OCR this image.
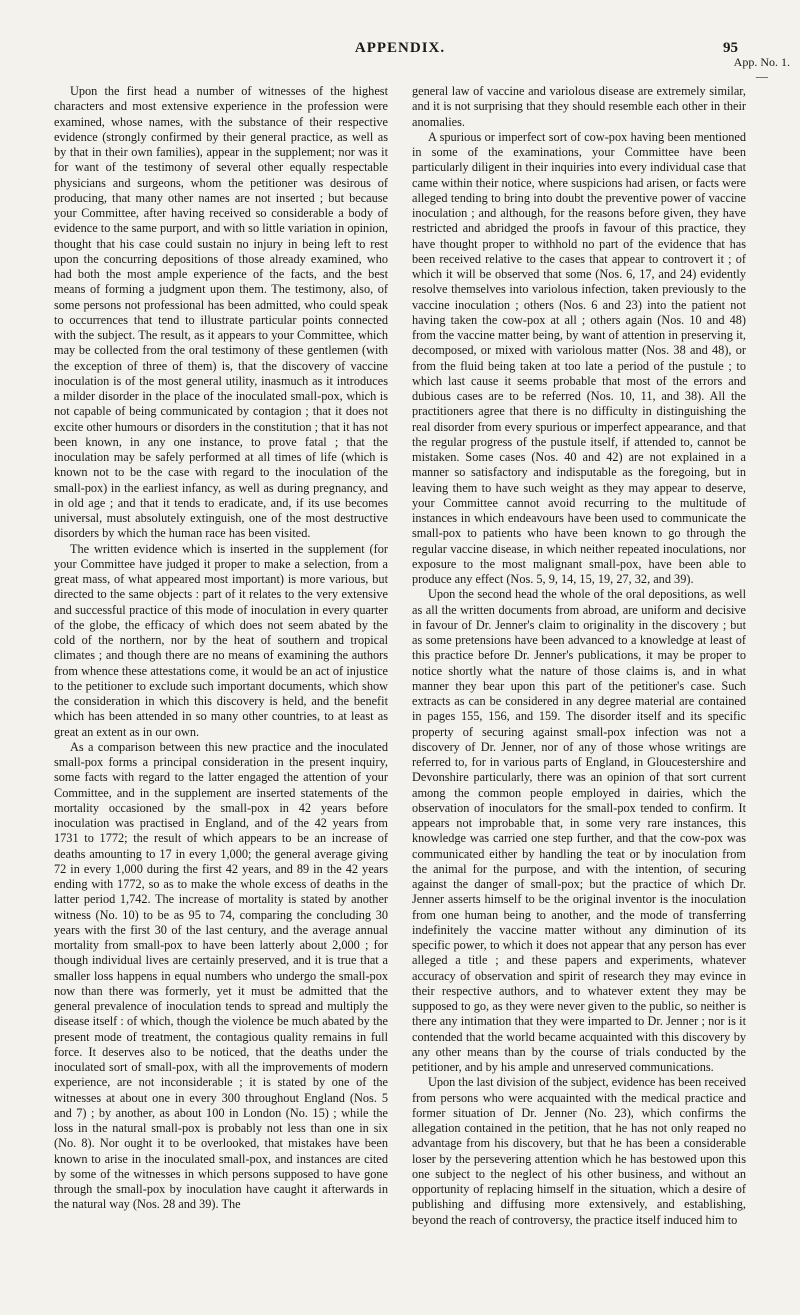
APPENDIX.	95
App. No. 1.
—

Upon the first head a number of witnesses of the highest characters and most extensive experience in the profession were examined, whose names, with the substance of their respective evidence (strongly confirmed by their general practice, as well as by that in their own families), appear in the supplement; nor was it for want of the testimony of several other equally respectable physicians and surgeons, whom the petitioner was desirous of producing, that many other names are not inserted ; but because your Committee, after having received so considerable a body of evidence to the same purport, and with so little variation in opinion, thought that his case could sustain no injury in being left to rest upon the concurring depositions of those already examined, who had both the most ample experience of the facts, and the best means of forming a judgment upon them. The testimony, also, of some persons not professional has been admitted, who could speak to occurrences that tend to illustrate particular points connected with the subject. The result, as it appears to your Committee, which may be collected from the oral testimony of these gentlemen (with the exception of three of them) is, that the discovery of vaccine inoculation is of the most general utility, inasmuch as it introduces a milder disorder in the place of the inoculated small-pox, which is not capable of being communicated by contagion ; that it does not excite other humours or disorders in the constitution ; that it has not been known, in any one instance, to prove fatal ; that the inoculation may be safely performed at all times of life (which is known not to be the case with regard to the inoculation of the small-pox) in the earliest infancy, as well as during pregnancy, and in old age ; and that it tends to eradicate, and, if its use becomes universal, must absolutely extinguish, one of the most destructive disorders by which the human race has been visited.

The written evidence which is inserted in the supplement (for your Committee have judged it proper to make a selection, from a great mass, of what appeared most important) is more various, but directed to the same objects : part of it relates to the very extensive and successful practice of this mode of inoculation in every quarter of the globe, the efficacy of which does not seem abated by the cold of the northern, nor by the heat of southern and tropical climates ; and though there are no means of examining the authors from whence these attestations come, it would be an act of injustice to the petitioner to exclude such important documents, which show the consideration in which this discovery is held, and the benefit which has been attended in so many other countries, to at least as great an extent as in our own.

As a comparison between this new practice and the inoculated small-pox forms a principal consideration in the present inquiry, some facts with regard to the latter engaged the attention of your Committee, and in the supplement are inserted statements of the mortality occasioned by the small-pox in 42 years before inoculation was practised in England, and of the 42 years from 1731 to 1772; the result of which appears to be an increase of deaths amounting to 17 in every 1,000; the general average giving 72 in every 1,000 during the first 42 years, and 89 in the 42 years ending with 1772, so as to make the whole excess of deaths in the latter period 1,742. The increase of mortality is stated by another witness (No. 10) to be as 95 to 74, comparing the concluding 30 years with the first 30 of the last century, and the average annual mortality from small-pox to have been latterly about 2,000 ; for though individual lives are certainly preserved, and it is true that a smaller loss happens in equal numbers who undergo the small-pox now than there was formerly, yet it must be admitted that the general prevalence of inoculation tends to spread and multiply the disease itself : of which, though the violence be much abated by the present mode of treatment, the contagious quality remains in full force. It deserves also to be noticed, that the deaths under the inoculated sort of small-pox, with all the improvements of modern experience, are not inconsiderable ; it is stated by one of the witnesses at about one in every 300 throughout England (Nos. 5 and 7) ; by another, as about 100 in London (No. 15) ; while the loss in the natural small-pox is probably not less than one in six (No. 8). Nor ought it to be overlooked, that mistakes have been known to arise in the inoculated small-pox, and instances are cited by some of the witnesses in which persons supposed to have gone through the small-pox by inoculation have caught it afterwards in the natural way (Nos. 28 and 39). The

general law of vaccine and variolous disease are extremely similar, and it is not surprising that they should resemble each other in their anomalies.

A spurious or imperfect sort of cow-pox having been mentioned in some of the examinations, your Committee have been particularly diligent in their inquiries into every individual case that came within their notice, where suspicions had arisen, or facts were alleged tending to bring into doubt the preventive power of vaccine inoculation ; and although, for the reasons before given, they have restricted and abridged the proofs in favour of this practice, they have thought proper to withhold no part of the evidence that has been received relative to the cases that appear to controvert it ; of which it will be observed that some (Nos. 6, 17, and 24) evidently resolve themselves into variolous infection, taken previously to the vaccine inoculation ; others (Nos. 6 and 23) into the patient not having taken the cow-pox at all ; others again (Nos. 10 and 48) from the vaccine matter being, by want of attention in preserving it, decomposed, or mixed with variolous matter (Nos. 38 and 48), or from the fluid being taken at too late a period of the pustule ; to which last cause it seems probable that most of the errors and dubious cases are to be referred (Nos. 10, 11, and 38). All the practitioners agree that there is no difficulty in distinguishing the real disorder from every spurious or imperfect appearance, and that the regular progress of the pustule itself, if attended to, cannot be mistaken. Some cases (Nos. 40 and 42) are not explained in a manner so satisfactory and indisputable as the foregoing, but in leaving them to have such weight as they may appear to deserve, your Committee cannot avoid recurring to the multitude of instances in which endeavours have been used to communicate the small-pox to patients who have been known to go through the regular vaccine disease, in which neither repeated inoculations, nor exposure to the most malignant small-pox, have been able to produce any effect (Nos. 5, 9, 14, 15, 19, 27, 32, and 39).

Upon the second head the whole of the oral depositions, as well as all the written documents from abroad, are uniform and decisive in favour of Dr. Jenner's claim to originality in the discovery ; but as some pretensions have been advanced to a knowledge at least of this practice before Dr. Jenner's publications, it may be proper to notice shortly what the nature of those claims is, and in what manner they bear upon this part of the petitioner's case. Such extracts as can be considered in any degree material are contained in pages 155, 156, and 159. The disorder itself and its specific property of securing against small-pox infection was not a discovery of Dr. Jenner, nor of any of those whose writings are referred to, for in various parts of England, in Gloucestershire and Devonshire particularly, there was an opinion of that sort current among the common people employed in dairies, which the observation of inoculators for the small-pox tended to confirm. It appears not improbable that, in some very rare instances, this knowledge was carried one step further, and that the cow-pox was communicated either by handling the teat or by inoculation from the animal for the purpose, and with the intention, of securing against the danger of small-pox; but the practice of which Dr. Jenner asserts himself to be the original inventor is the inoculation from one human being to another, and the mode of transferring indefinitely the vaccine matter without any diminution of its specific power, to which it does not appear that any person has ever alleged a title ; and these papers and experiments, whatever accuracy of observation and spirit of research they may evince in their respective authors, and to whatever extent they may be supposed to go, as they were never given to the public, so neither is there any intimation that they were imparted to Dr. Jenner ; nor is it contended that the world became acquainted with this discovery by any other means than by the course of trials conducted by the petitioner, and by his ample and unreserved communications.

Upon the last division of the subject, evidence has been received from persons who were acquainted with the medical practice and former situation of Dr. Jenner (No. 23), which confirms the allegation contained in the petition, that he has not only reaped no advantage from his discovery, but that he has been a considerable loser by the persevering attention which he has bestowed upon this one subject to the neglect of his other business, and without an opportunity of replacing himself in the situation, which a desire of publishing and diffusing more extensively, and establishing, beyond the reach of controversy, the practice itself induced him to
